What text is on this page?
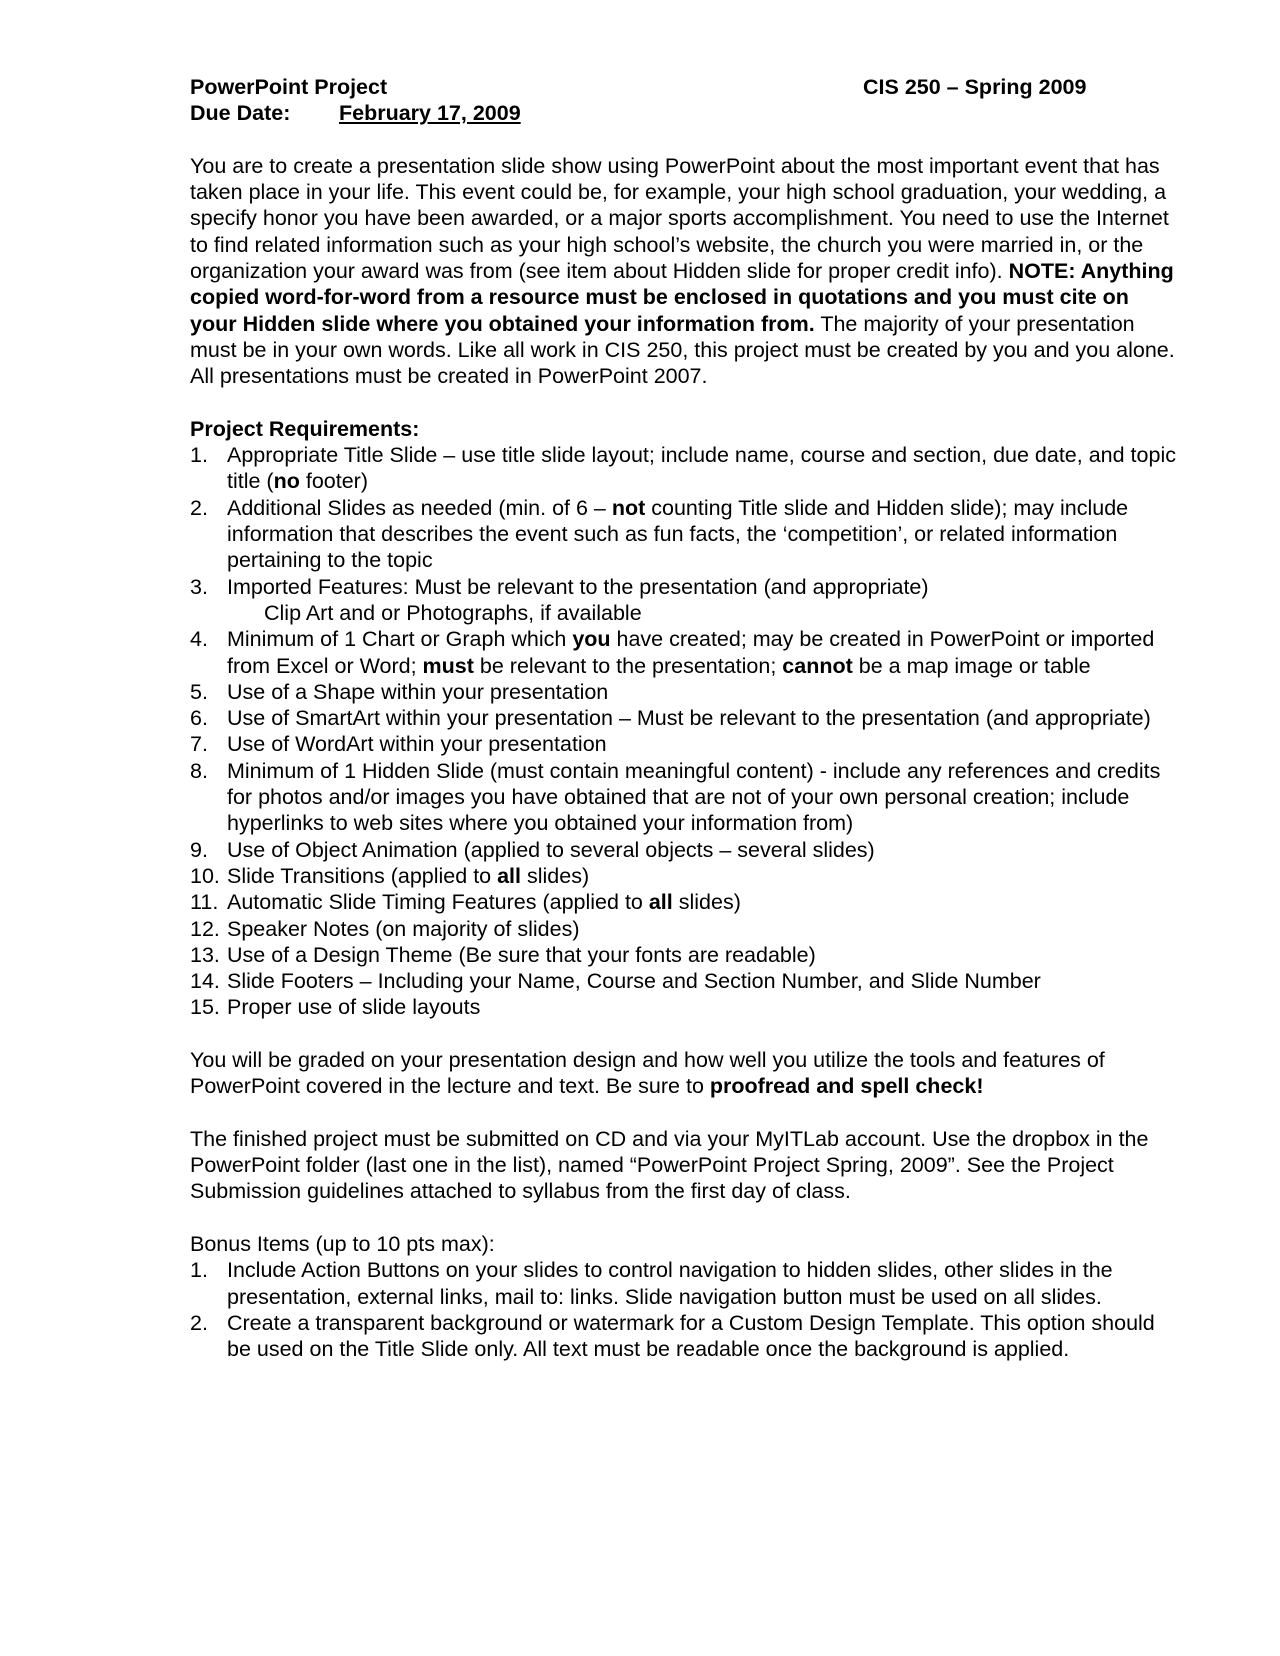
PowerPoint Project	CIS 250 – Spring 2009
Due Date: February 17, 2009

You are to create a presentation slide show using PowerPoint about the most important event that has taken place in your life. This event could be, for example, your high school graduation, your wedding, a specify honor you have been awarded, or a major sports accomplishment. You need to use the Internet to find related information such as your high school’s website, the church you were married in, or the organization your award was from (see item about Hidden slide for proper credit info). NOTE: Anything copied word-for-word from a resource must be enclosed in quotations and you must cite on your Hidden slide where you obtained your information from. The majority of your presentation must be in your own words. Like all work in CIS 250, this project must be created by you and you alone. All presentations must be created in PowerPoint 2007.

Project Requirements:

1. Appropriate Title Slide – use title slide layout; include name, course and section, due date, and topic title (no footer)
2. Additional Slides as needed (min. of 6 – not counting Title slide and Hidden slide); may include information that describes the event such as fun facts, the ‘competition’, or related information pertaining to the topic
3. Imported Features: Must be relevant to the presentation (and appropriate)
Clip Art and or Photographs, if available
4. Minimum of 1 Chart or Graph which you have created; may be created in PowerPoint or imported from Excel or Word; must be relevant to the presentation; cannot be a map image or table
5. Use of a Shape within your presentation
6. Use of SmartArt within your presentation – Must be relevant to the presentation (and appropriate)
7. Use of WordArt within your presentation
8. Minimum of 1 Hidden Slide (must contain meaningful content) - include any references and credits for photos and/or images you have obtained that are not of your own personal creation; include hyperlinks to web sites where you obtained your information from)
9. Use of Object Animation (applied to several objects – several slides)
10. Slide Transitions (applied to all slides)
11. Automatic Slide Timing Features (applied to all slides)
12. Speaker Notes (on majority of slides)
13. Use of a Design Theme (Be sure that your fonts are readable)
14. Slide Footers – Including your Name, Course and Section Number, and Slide Number
15. Proper use of slide layouts

You will be graded on your presentation design and how well you utilize the tools and features of PowerPoint covered in the lecture and text. Be sure to proofread and spell check!

The finished project must be submitted on CD and via your MyITLab account. Use the dropbox in the PowerPoint folder (last one in the list), named “PowerPoint Project Spring, 2009”. See the Project Submission guidelines attached to syllabus from the first day of class.

Bonus Items (up to 10 pts max):

1. Include Action Buttons on your slides to control navigation to hidden slides, other slides in the presentation, external links, mail to: links. Slide navigation button must be used on all slides.
2. Create a transparent background or watermark for a Custom Design Template. This option should be used on the Title Slide only. All text must be readable once the background is applied.
